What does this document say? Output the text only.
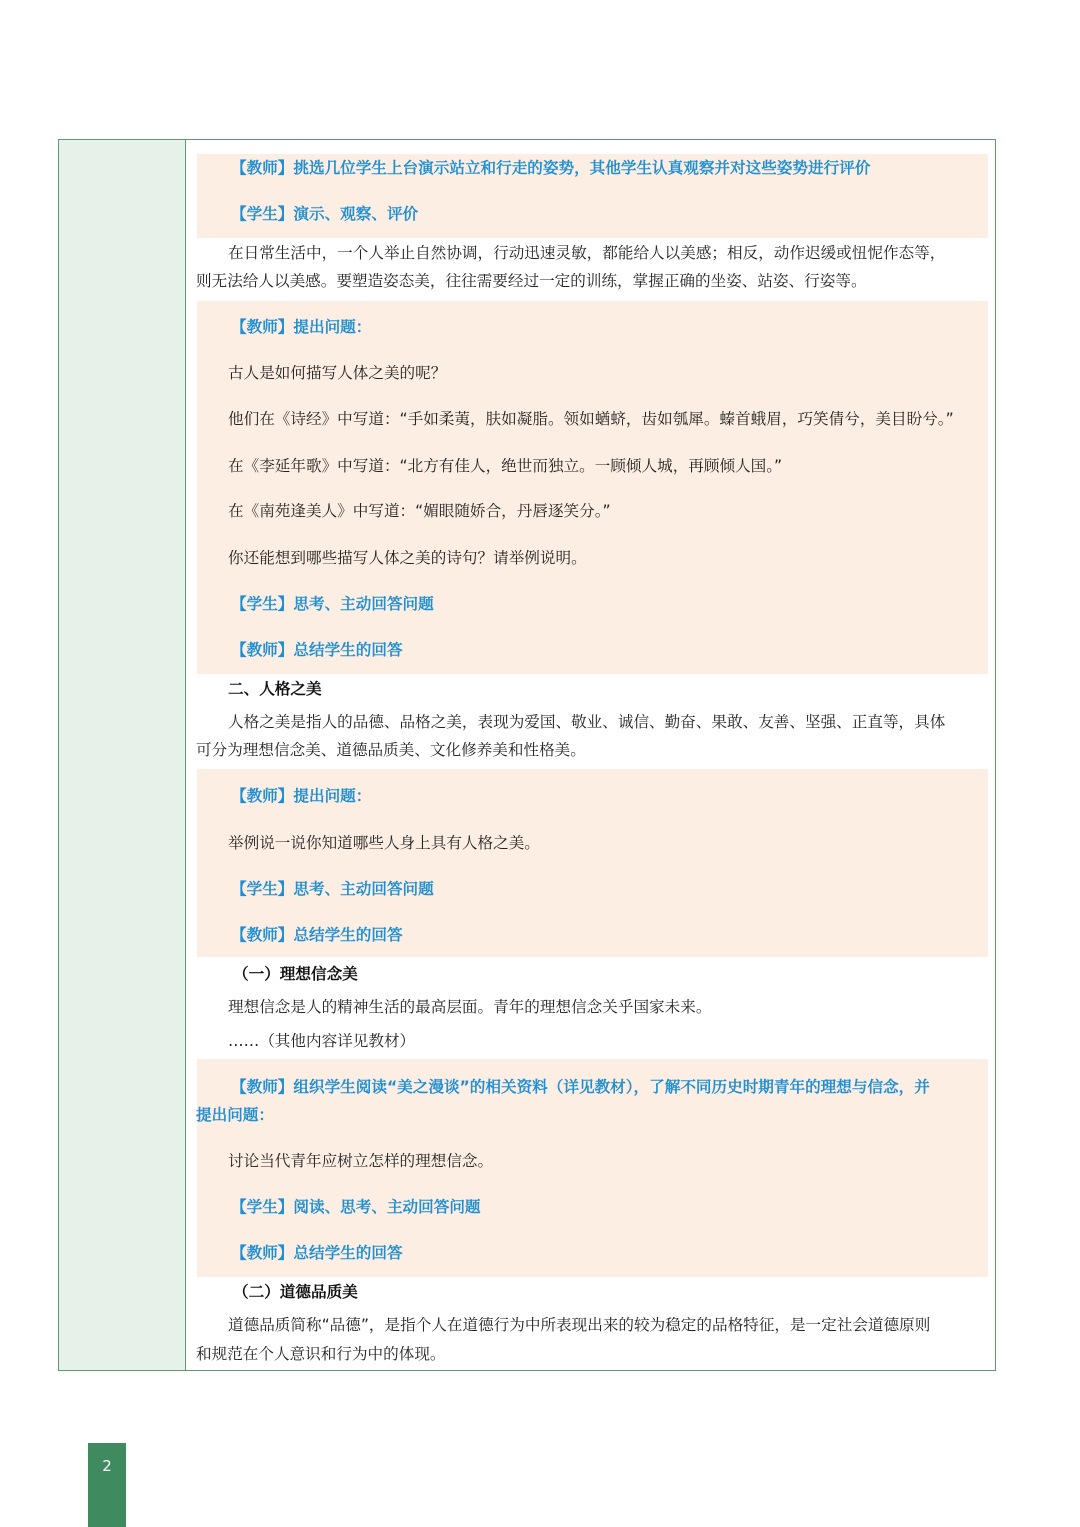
【教师】挑选几位学生上台演示站立和行走的姿势，其他学生认真观察并对这些姿势进行评价
【学生】演示、观察、评价
在日常生活中，一个人举止自然协调，行动迅速灵敏，都能给人以美感；相反，动作迟缓或忸怩作态等，
则无法给人以美感。要塑造姿态美，往往需要经过一定的训练，掌握正确的坐姿、站姿、行姿等。
【教师】提出问题：
古人是如何描写人体之美的呢？
他们在《诗经》中写道：“手如柔荑，肤如凝脂。领如蝤蛴，齿如瓠犀。螓首蛾眉，巧笑倩兮，美目盼兮。”
在《李延年歌》中写道：“北方有佳人，绝世而独立。一顾倾人城，再顾倾人国。”
在《南苑逢美人》中写道：“媚眼随娇合，丹唇逐笑分。”
你还能想到哪些描写人体之美的诗句？请举例说明。
【学生】思考、主动回答问题
【教师】总结学生的回答
二、人格之美
人格之美是指人的品德、品格之美，表现为爱国、敬业、诚信、勤奋、果敢、友善、坚强、正直等，具体
可分为理想信念美、道德品质美、文化修养美和性格美。
【教师】提出问题：
举例说一说你知道哪些人身上具有人格之美。
【学生】思考、主动回答问题
【教师】总结学生的回答
（一）理想信念美
理想信念是人的精神生活的最高层面。青年的理想信念关乎国家未来。
……（其他内容详见教材）
【教师】组织学生阅读“美之漫谈”的相关资料（详见教材），了解不同历史时期青年的理想与信念，并
提出问题：
讨论当代青年应树立怎样的理想信念。
【学生】阅读、思考、主动回答问题
【教师】总结学生的回答
（二）道德品质美
道德品质简称“品德”，是指个人在道德行为中所表现出来的较为稳定的品格特征，是一定社会道德原则
和规范在个人意识和行为中的体现。
2
